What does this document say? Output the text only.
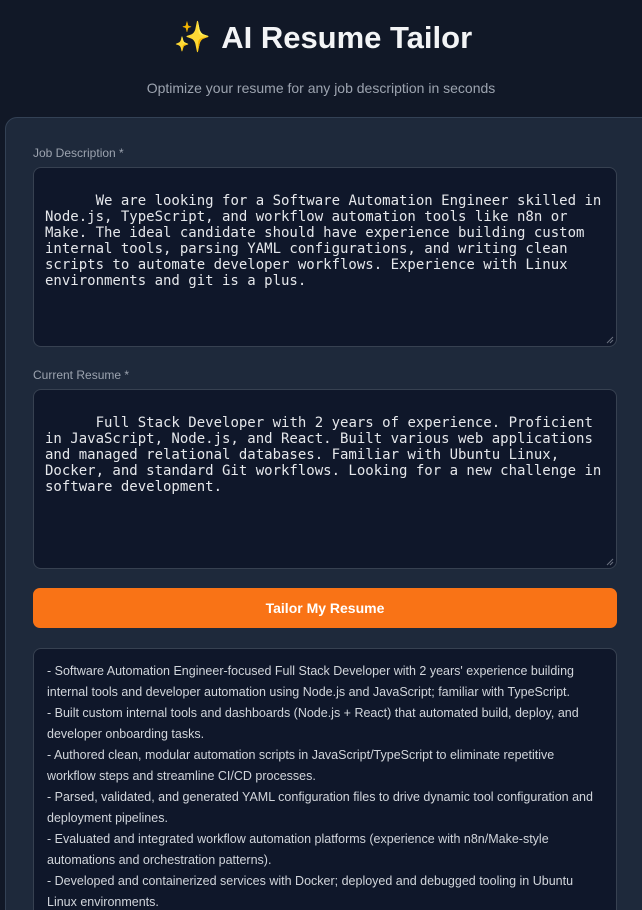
✨ AI Resume Tailor
Optimize your resume for any job description in seconds
Job Description *

We are looking for a Software Automation Engineer skilled in Node.js, TypeScript, and workflow automation tools like n8n or Make. The ideal candidate should have experience building custom internal tools, parsing YAML configurations, and writing clean scripts to automate developer workflows. Experience with Linux environments and git is a plus.

Current Resume *

Full Stack Developer with 2 years of experience. Proficient in JavaScript, Node.js, and React. Built various web applications and managed relational databases. Familiar with Ubuntu Linux, Docker, and standard Git workflows. Looking for a new challenge in software development.

Tailor My Resume
- Software Automation Engineer-focused Full Stack Developer with 2 years' experience building internal tools and developer automation using Node.js and JavaScript; familiar with TypeScript.
- Built custom internal tools and dashboards (Node.js + React) that automated build, deploy, and developer onboarding tasks.
- Authored clean, modular automation scripts in JavaScript/TypeScript to eliminate repetitive workflow steps and streamline CI/CD processes.
- Parsed, validated, and generated YAML configuration files to drive dynamic tool configuration and deployment pipelines.
- Evaluated and integrated workflow automation platforms (experience with n8n/Make-style automations and orchestration patterns).
- Developed and containerized services with Docker; deployed and debugged tooling in Ubuntu Linux environments.
